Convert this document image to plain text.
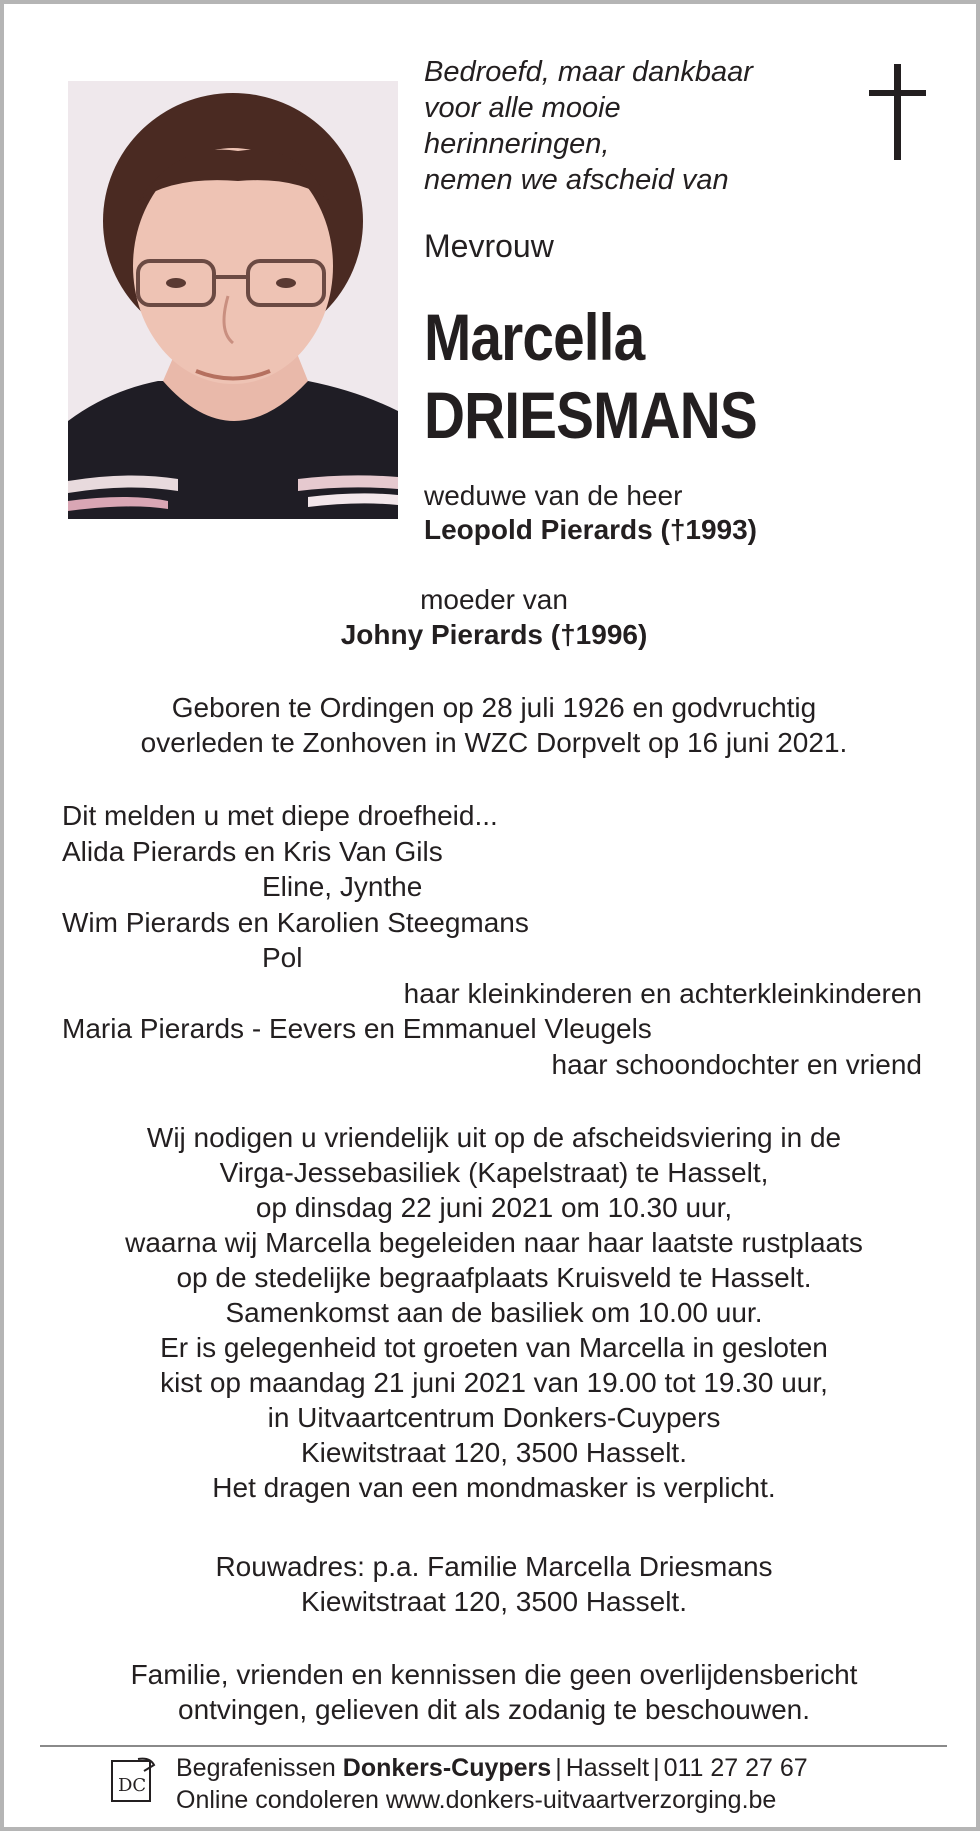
Bedroefd, maar dankbaar
voor alle mooie
herinneringen,
nemen we afscheid van
Mevrouw
Marcella
DRIESMANS
weduwe van de heer
Leopold Pierards (†1993)
moeder van
Johny Pierards (†1996)
Geboren te Ordingen op 28 juli 1926 en godvruchtig
overleden te Zonhoven in WZC Dorpvelt op 16 juni 2021.
Dit melden u met diepe droefheid...
Alida Pierards en Kris Van Gils
Eline, Jynthe
Wim Pierards en Karolien Steegmans
Pol
haar kleinkinderen en achterkleinkinderen
Maria Pierards - Eevers en Emmanuel Vleugels
haar schoondochter en vriend
Wij nodigen u vriendelijk uit op de afscheidsviering in de
Virga-Jessebasiliek (Kapelstraat) te Hasselt,
op dinsdag 22 juni 2021 om 10.30 uur,
waarna wij Marcella begeleiden naar haar laatste rustplaats
op de stedelijke begraafplaats Kruisveld te Hasselt.
Samenkomst aan de basiliek om 10.00 uur.
Er is gelegenheid tot groeten van Marcella in gesloten
kist op maandag 21 juni 2021 van 19.00 tot 19.30 uur,
in Uitvaartcentrum Donkers-Cuypers
Kiewitstraat 120, 3500 Hasselt.
Het dragen van een mondmasker is verplicht.
Rouwadres: p.a. Familie Marcella Driesmans
Kiewitstraat 120, 3500 Hasselt.
Familie, vrienden en kennissen die geen overlijdensbericht
ontvingen, gelieven dit als zodanig te beschouwen.
DC
Begrafenissen Donkers-Cuypers | Hasselt | 011 27 27 67
Online condoleren www.donkers-uitvaartverzorging.be
